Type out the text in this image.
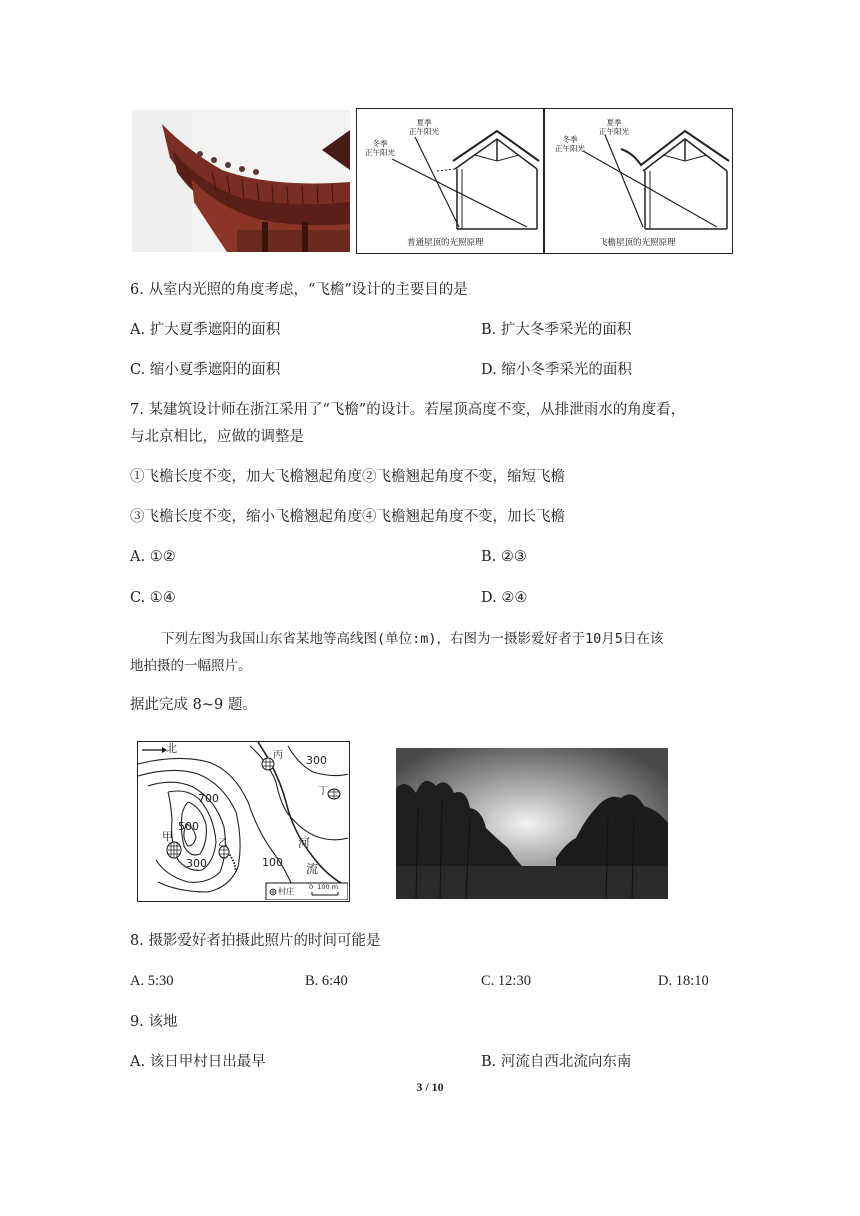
夏季
正午阳光
冬季
正午阳光
普通屋顶的光照原理
夏季
正午阳光
冬季
正午阳光
飞檐屋顶的光照原理
6. 从室内光照的角度考虑，“飞檐”设计的主要目的是
A. 扩大夏季遮阳的面积	B. 扩大冬季采光的面积
C. 缩小夏季遮阳的面积	D. 缩小冬季采光的面积
7. 某建筑设计师在浙江采用了“飞檐”的设计。若屋顶高度不变，从排泄雨水的角度看，
与北京相比，应做的调整是
①飞檐长度不变，加大飞檐翘起角度②飞檐翘起角度不变，缩短飞檐
③飞檐长度不变，缩小飞檐翘起角度④飞檐翘起角度不变，加长飞檐
A. ①②	B. ②③
C. ①④	D. ②④
下列左图为我国山东省某地等高线图(单位:m)，右图为一摄影爱好者于10月5日在该
地拍摄的一幅照片。
据此完成 8~9 题。
北
300
700
500
300	100
甲
乙
丙
丁
河
流
村庄 0  100 m
8. 摄影爱好者拍摄此照片的时间可能是
A. 5:30	B. 6:40	C. 12:30	D. 18:10
9. 该地
A. 该日甲村日出最早	B. 河流自西北流向东南
3 / 10
